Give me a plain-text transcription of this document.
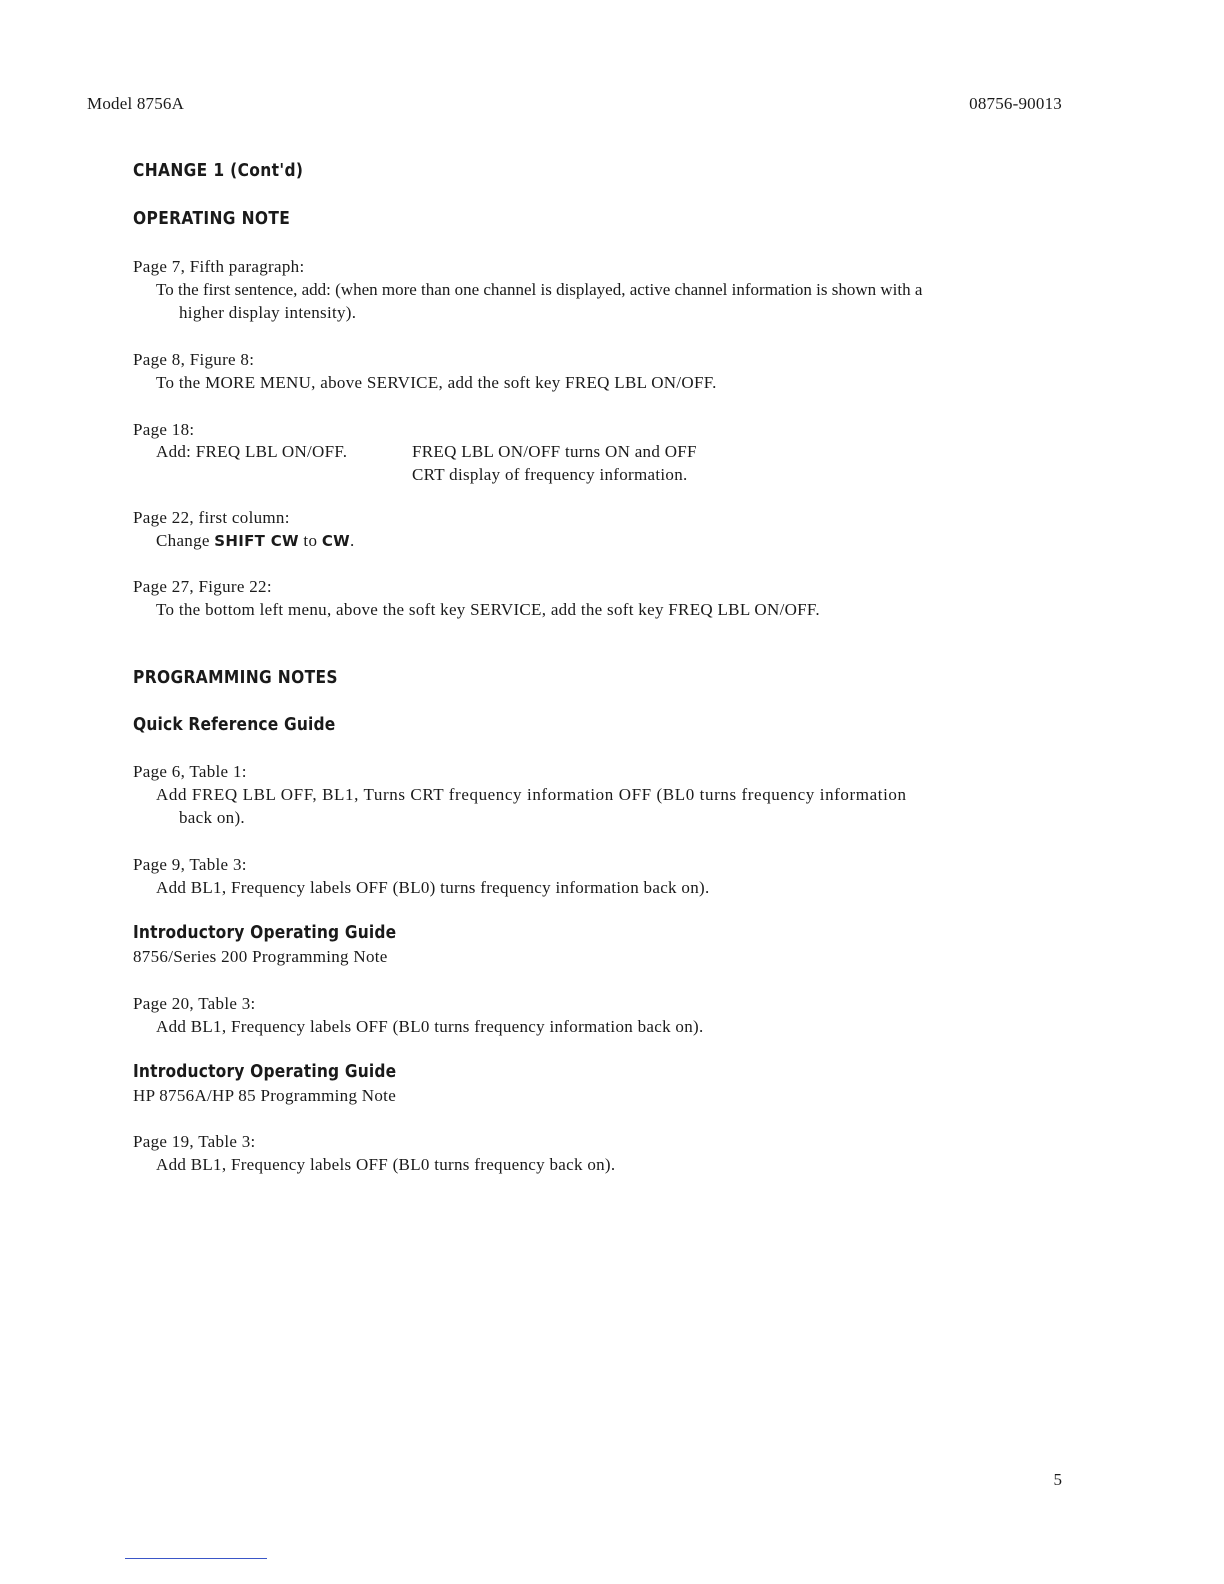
Model 8756A	08756-90013
CHANGE 1 (Cont'd)
OPERATING NOTE
Page 7, Fifth paragraph:
To the first sentence, add: (when more than one channel is displayed, active channel information is shown with a
higher display intensity).
Page 8, Figure 8:
To the MORE MENU, above SERVICE, add the soft key FREQ LBL ON/OFF.
Page 18:
Add: FREQ LBL ON/OFF.	FREQ LBL ON/OFF turns ON and OFF
CRT display of frequency information.
Page 22, first column:
Change SHIFT CW to CW.
Page 27, Figure 22:
To the bottom left menu, above the soft key SERVICE, add the soft key FREQ LBL ON/OFF.
PROGRAMMING NOTES
Quick Reference Guide
Page 6, Table 1:
Add FREQ LBL OFF, BL1, Turns CRT frequency information OFF (BL0 turns frequency information
back on).
Page 9, Table 3:
Add BL1, Frequency labels OFF (BL0) turns frequency information back on).
Introductory Operating Guide
8756/Series 200 Programming Note
Page 20, Table 3:
Add BL1, Frequency labels OFF (BL0 turns frequency information back on).
Introductory Operating Guide
HP 8756A/HP 85 Programming Note
Page 19, Table 3:
Add BL1, Frequency labels OFF (BL0 turns frequency back on).
5
